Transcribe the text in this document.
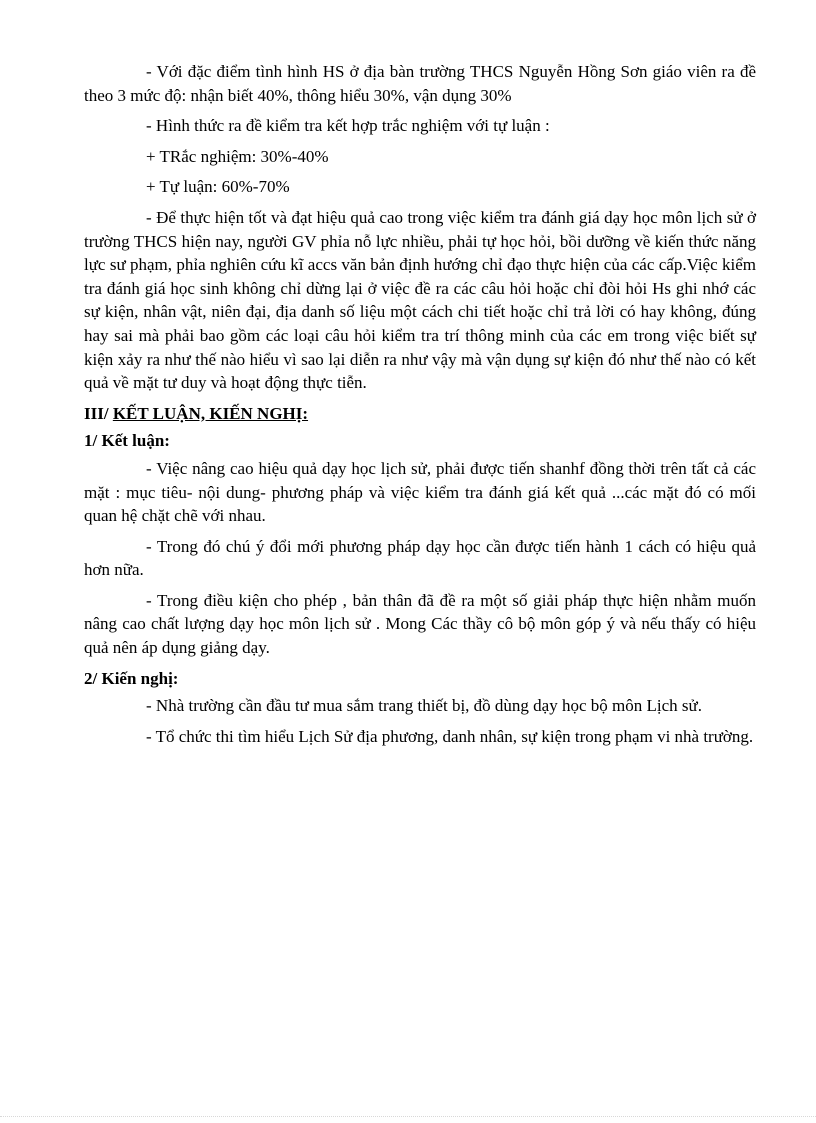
- Với đặc điểm tình hình HS ở địa bàn trường THCS Nguyễn Hồng Sơn giáo viên ra đề theo 3 mức độ: nhận biết 40%, thông hiểu 30%, vận dụng 30%

- Hình thức ra đề kiểm tra kết hợp trắc nghiệm với tự luận :

+ TRắc nghiệm: 30%-40%

+ Tự luận: 60%-70%

- Để thực hiện tốt và đạt hiệu quả cao trong việc kiểm tra đánh giá dạy học môn lịch sử ở trường THCS hiện nay, người GV phỉa nỗ lực nhiều, phải tự học hỏi, bồi dưỡng về kiến thức năng lực sư phạm, phỉa nghiên cứu kĩ accs văn bản định hướng chỉ đạo thực hiện của các cấp.Việc kiểm tra đánh giá học sinh không chỉ dừng lại ở việc đề ra các câu hỏi hoặc chỉ đòi hỏi Hs ghi nhớ các sự kiện, nhân vật, niên đại, địa danh số liệu một cách chi tiết hoặc chỉ trả lời có hay không, đúng hay sai mà phải bao gồm các loại câu hỏi kiểm tra trí thông minh của các em trong việc biết sự kiện xảy ra như thế nào hiểu vì sao lại diễn ra như vậy mà vận dụng sự kiện đó như thế nào có kết quả về mặt tư duy và hoạt động thực tiễn.

III/ KẾT LUẬN, KIẾN NGHỊ:
1/ Kết luận:

- Việc nâng cao hiệu quả dạy học lịch sử, phải được tiến shanhf đồng thời trên tất cả các mặt : mục tiêu- nội dung- phương pháp và việc kiểm tra đánh giá kết quả ...các mặt đó có mối quan hệ chặt chẽ với nhau.

- Trong đó chú ý đổi mới phương pháp dạy học cần được tiến hành 1 cách có hiệu quả hơn nữa.

- Trong điều kiện cho phép , bản thân đã đề ra một số giải pháp thực hiện nhằm muốn nâng cao chất lượng dạy học môn lịch sử . Mong Các thầy cô bộ môn góp ý và nếu thấy có hiệu quả nên áp dụng giảng dạy.

2/ Kiến nghị:

- Nhà trường cần đầu tư mua sắm trang thiết bị, đồ dùng dạy học bộ môn Lịch sử.

- Tổ chức thi tìm hiểu Lịch Sử địa phương, danh nhân, sự kiện trong phạm vi nhà trường.
